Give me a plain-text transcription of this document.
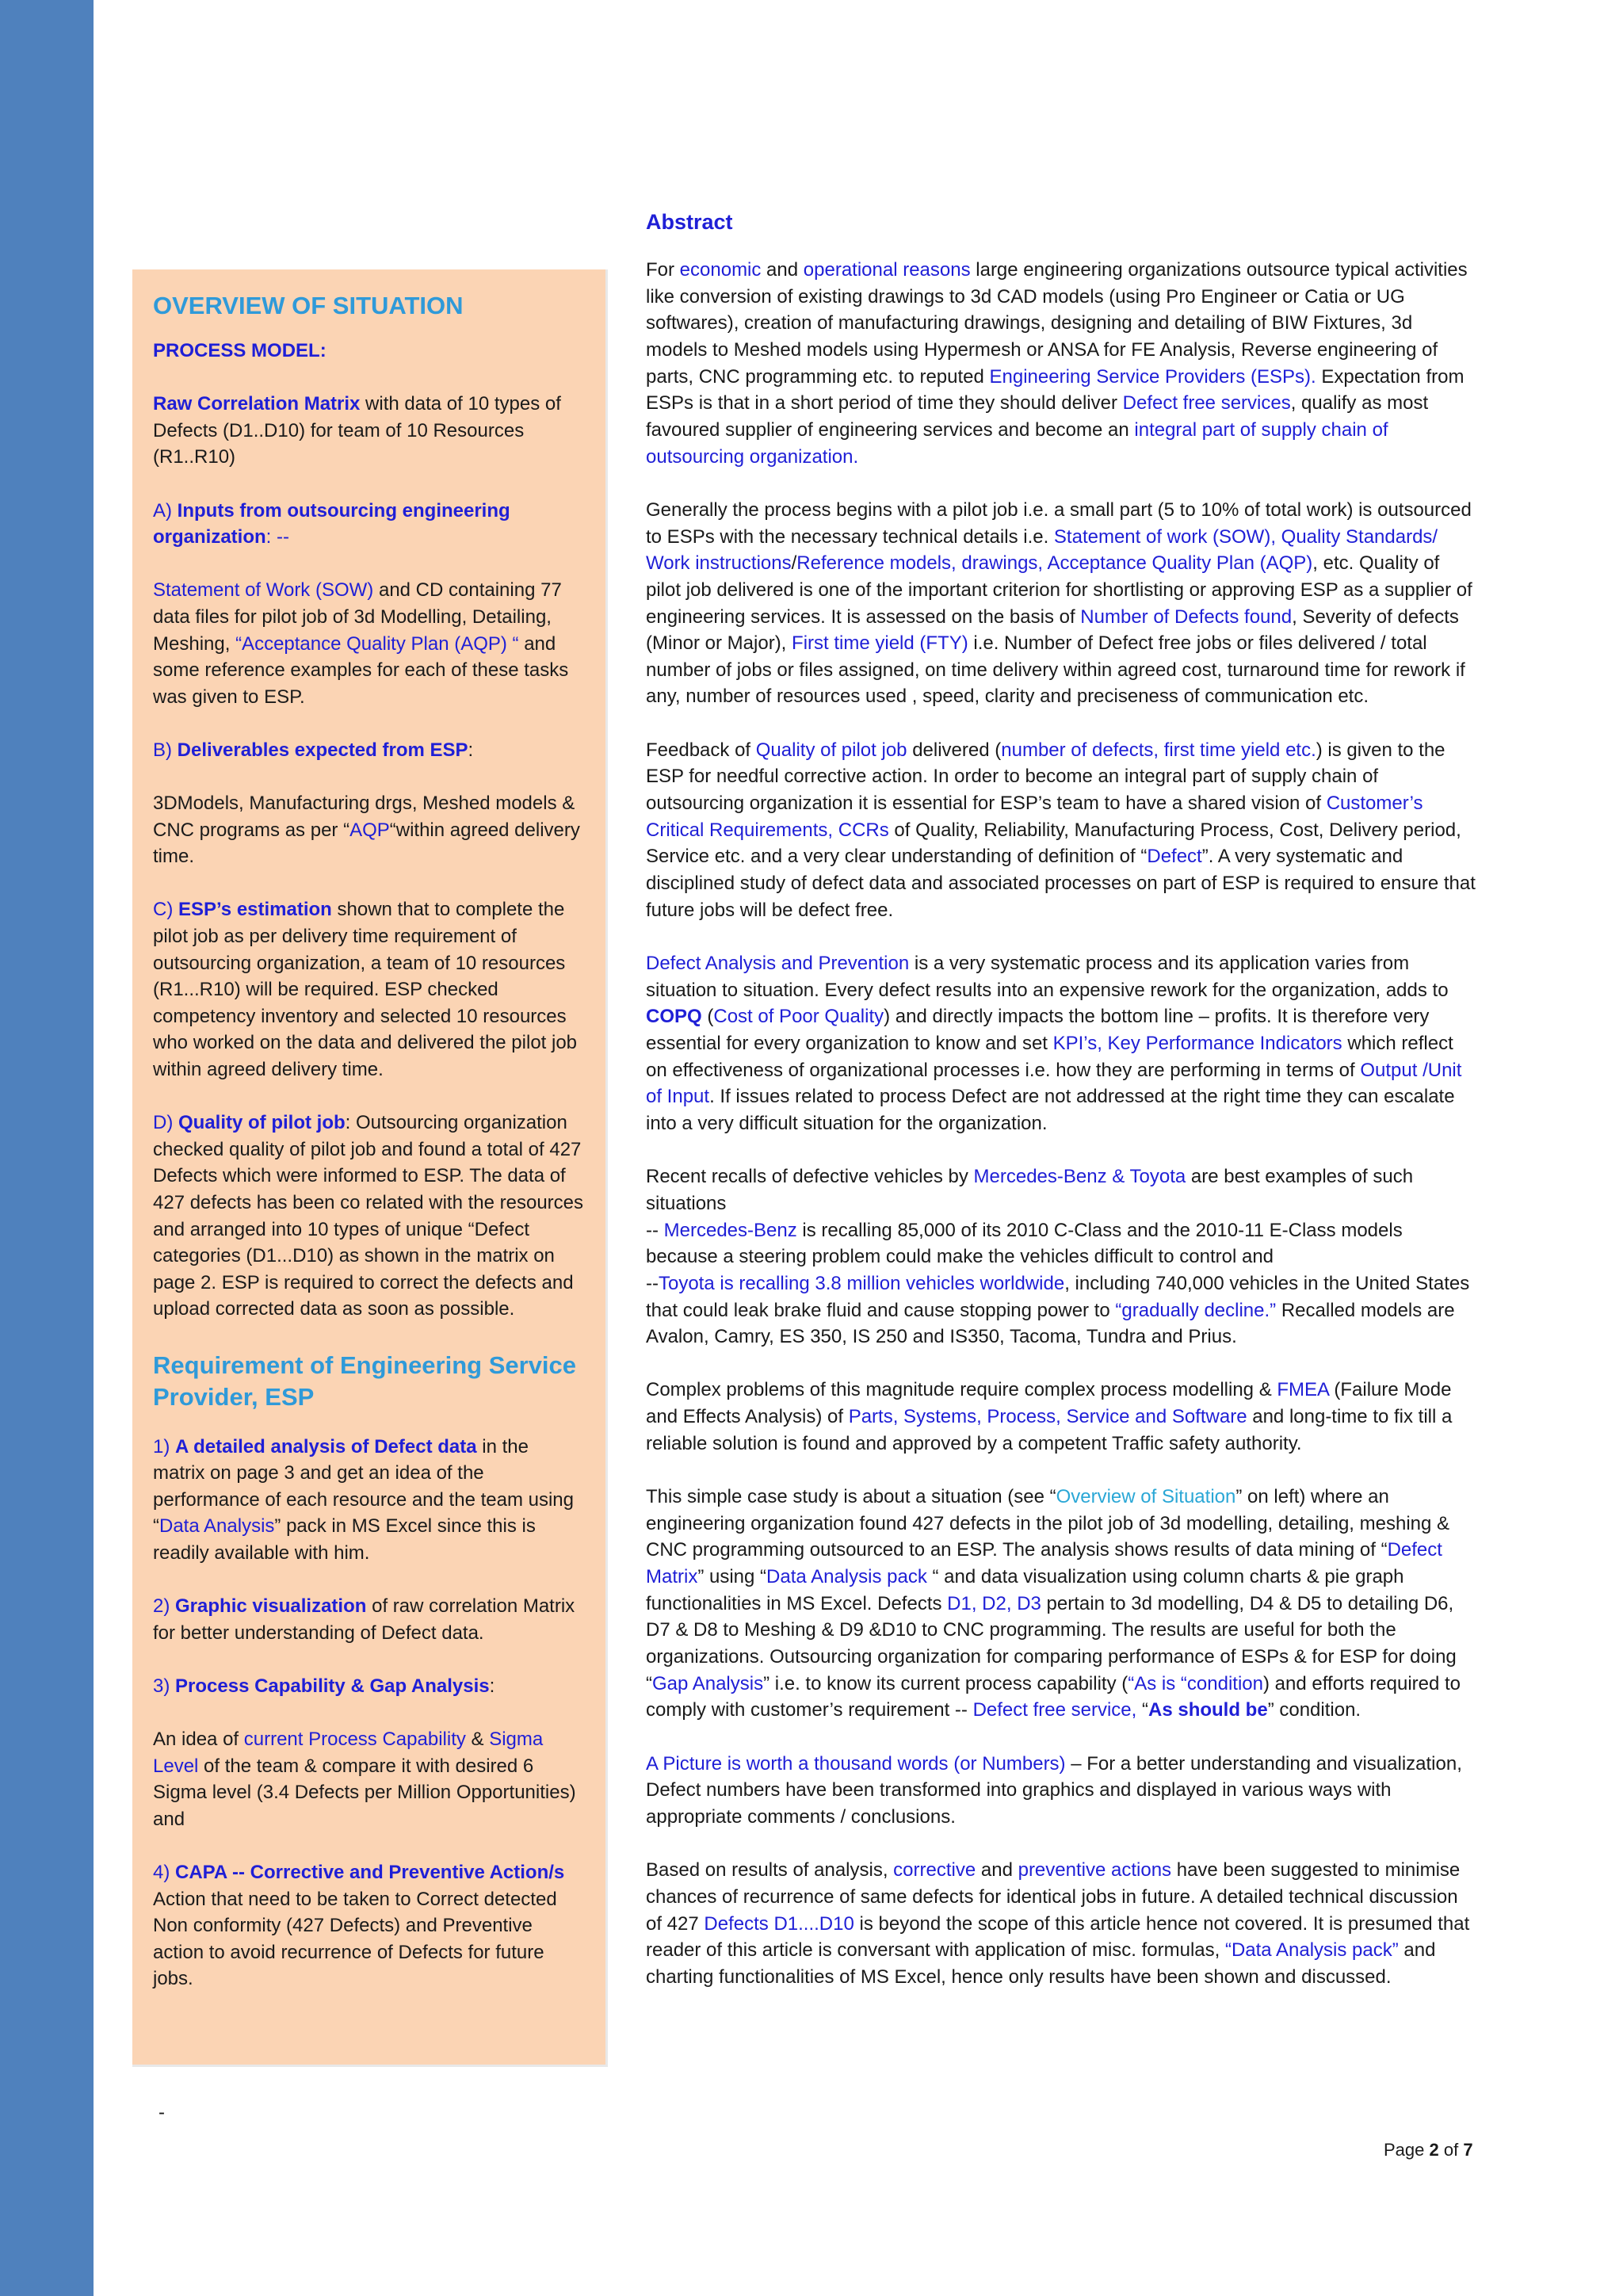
OVERVIEW OF SITUATION

PROCESS MODEL:

Raw Correlation Matrix with data of 10 types of Defects (D1..D10) for team of 10 Resources (R1..R10)

A) Inputs from outsourcing engineering organization: --

Statement of Work (SOW) and CD containing 77 data files for pilot job of 3d Modelling, Detailing, Meshing, “Acceptance Quality Plan (AQP) “ and some reference examples for each of these tasks was given to ESP.

B) Deliverables expected from ESP:

3DModels, Manufacturing drgs, Meshed models & CNC programs as per “AQP“within agreed delivery time.

C) ESP’s estimation shown that to complete the pilot job as per delivery time requirement of outsourcing organization, a team of 10 resources (R1...R10) will be required. ESP checked competency inventory and selected 10 resources who worked on the data and delivered the pilot job within agreed delivery time.

D) Quality of pilot job: Outsourcing organization checked quality of pilot job and found a total of 427 Defects which were informed to ESP. The data of 427 defects has been co related with the resources and arranged into 10 types of unique “Defect categories (D1...D10) as shown in the matrix on page 2. ESP is required to correct the defects and upload corrected data as soon as possible.

Requirement of Engineering Service Provider, ESP

1) A detailed analysis of Defect data in the matrix on page 3 and get an idea of the performance of each resource and the team using “Data Analysis” pack in MS Excel since this is readily available with him.

2) Graphic visualization of raw correlation Matrix for better understanding of Defect data.

3) Process Capability & Gap Analysis:

An idea of current Process Capability & Sigma Level of the team & compare it with desired 6 Sigma level (3.4 Defects per Million Opportunities) and

4) CAPA -- Corrective and Preventive Action/s Action that need to be taken to Correct detected Non conformity (427 Defects) and Preventive action to avoid recurrence of Defects for future jobs.

Abstract

For economic and operational reasons large engineering organizations outsource typical activities like conversion of existing drawings to 3d CAD models (using Pro Engineer or Catia or UG softwares), creation of manufacturing drawings, designing and detailing of BIW Fixtures, 3d models to Meshed models using Hypermesh or ANSA for FE Analysis, Reverse engineering of parts, CNC programming etc. to reputed Engineering Service Providers (ESPs). Expectation from ESPs is that in a short period of time they should deliver Defect free services, qualify as most favoured supplier of engineering services and become an integral part of supply chain of outsourcing organization.

Generally the process begins with a pilot job i.e. a small part (5 to 10% of total work) is outsourced to ESPs with the necessary technical details i.e. Statement of work (SOW), Quality Standards/ Work instructions/Reference models, drawings, Acceptance Quality Plan (AQP), etc. Quality of pilot job delivered is one of the important criterion for shortlisting or approving ESP as a supplier of engineering services. It is assessed on the basis of Number of Defects found, Severity of defects (Minor or Major), First time yield (FTY) i.e. Number of Defect free jobs or files delivered / total number of jobs or files assigned, on time delivery within agreed cost, turnaround time for rework if any, number of resources used , speed, clarity and preciseness of communication etc.

Feedback of Quality of pilot job delivered (number of defects, first time yield etc.) is given to the ESP for needful corrective action. In order to become an integral part of supply chain of outsourcing organization it is essential for ESP’s team to have a shared vision of Customer’s Critical Requirements, CCRs of Quality, Reliability, Manufacturing Process, Cost, Delivery period, Service etc. and a very clear understanding of definition of “Defect”. A very systematic and disciplined study of defect data and associated processes on part of ESP is required to ensure that future jobs will be defect free.

Defect Analysis and Prevention is a very systematic process and its application varies from situation to situation. Every defect results into an expensive rework for the organization, adds to COPQ (Cost of Poor Quality) and directly impacts the bottom line – profits. It is therefore very essential for every organization to know and set KPI’s, Key Performance Indicators which reflect on effectiveness of organizational processes i.e. how they are performing in terms of Output /Unit of Input. If issues related to process Defect are not addressed at the right time they can escalate into a very difficult situation for the organization.

Recent recalls of defective vehicles by Mercedes-Benz & Toyota are best examples of such situations
-- Mercedes-Benz is recalling 85,000 of its 2010 C-Class and the 2010-11 E-Class models because a steering problem could make the vehicles difficult to control and
--Toyota is recalling 3.8 million vehicles worldwide, including 740,000 vehicles in the United States that could leak brake fluid and cause stopping power to “gradually decline.” Recalled models are Avalon, Camry, ES 350, IS 250 and IS350, Tacoma, Tundra and Prius.

Complex problems of this magnitude require complex process modelling & FMEA (Failure Mode and Effects Analysis) of Parts, Systems, Process, Service and Software and long-time to fix till a reliable solution is found and approved by a competent Traffic safety authority.

This simple case study is about a situation (see “Overview of Situation” on left) where an engineering organization found 427 defects in the pilot job of 3d modelling, detailing, meshing & CNC programming outsourced to an ESP. The analysis shows results of data mining of “Defect Matrix” using “Data Analysis pack “ and data visualization using column charts & pie graph functionalities in MS Excel. Defects D1, D2, D3 pertain to 3d modelling, D4 & D5 to detailing D6, D7 & D8 to Meshing & D9 &D10 to CNC programming. The results are useful for both the organizations. Outsourcing organization for comparing performance of ESPs & for ESP for doing “Gap Analysis” i.e. to know its current process capability (“As is “condition) and efforts required to comply with customer’s requirement -- Defect free service, “As should be” condition.

A Picture is worth a thousand words (or Numbers) – For a better understanding and visualization, Defect numbers have been transformed into graphics and displayed in various ways with appropriate comments / conclusions.

Based on results of analysis, corrective and preventive actions have been suggested to minimise chances of recurrence of same defects for identical jobs in future. A detailed technical discussion of 427 Defects D1....D10 is beyond the scope of this article hence not covered. It is presumed that reader of this article is conversant with application of misc. formulas, “Data Analysis pack” and charting functionalities of MS Excel, hence only results have been shown and discussed.

-
Page 2 of 7
